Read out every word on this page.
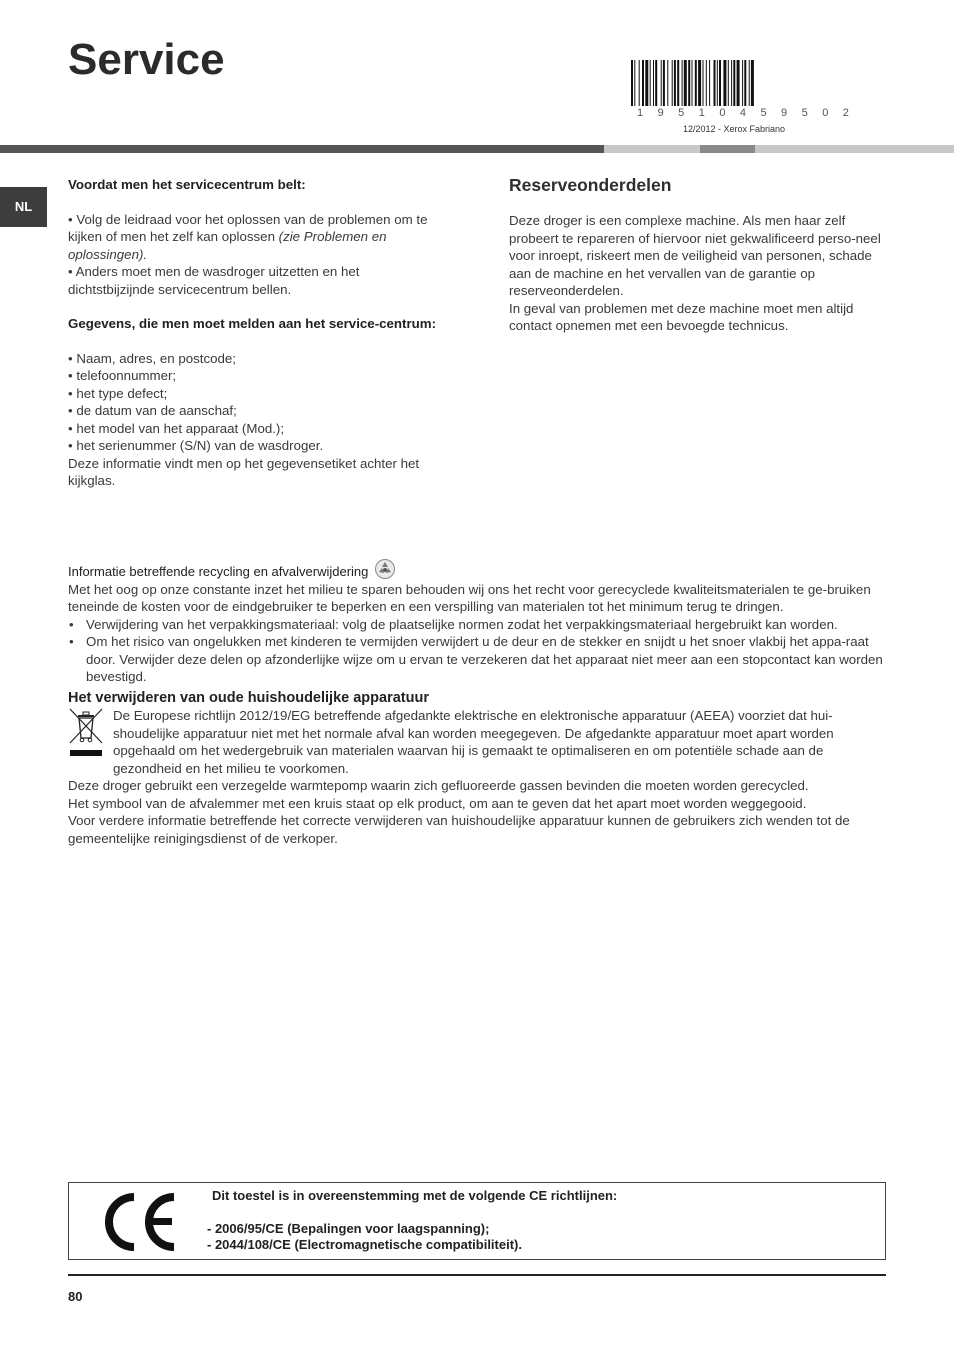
Service
1 9 5 1 0 4 5 9 5 0 2
12/2012 - Xerox Fabriano
NL

Voordat men het servicecentrum belt:

• Volg de leidraad voor het oplossen van de problemen om te kijken of men het zelf kan oplossen (zie Problemen en oplossingen).

• Anders moet men de wasdroger uitzetten en het dichtstbijzijnde servicecentrum bellen.

Gegevens, die men moet melden aan het service-centrum:

• Naam, adres, en postcode;

• telefoonnummer;

• het type defect;

• de datum van de aanschaf;

• het model van het apparaat (Mod.);

• het serienummer (S/N) van de wasdroger.

Deze informatie vindt men op het gegevensetiket achter het kijkglas.

Reserveonderdelen

Deze droger is een complexe machine. Als men haar zelf probeert te repareren of hiervoor niet gekwalificeerd perso-neel voor inroept, riskeert men de veiligheid van personen, schade aan de machine en het vervallen van de garantie op reserveonderdelen.

In geval van problemen met deze machine moet men altijd contact opnemen met een bevoegde technicus.

Informatie betreffende recycling en afvalverwijdering

Met het oog op onze constante inzet het milieu te sparen behouden wij ons het recht voor gerecyclede kwaliteitsmaterialen te ge-bruiken teneinde de kosten voor de eindgebruiker te beperken en een verspilling van materialen tot het minimum terug te dringen.

• Verwijdering van het verpakkingsmateriaal: volg de plaatselijke normen zodat het verpakkingsmateriaal hergebruikt kan worden.

• Om het risico van ongelukken met kinderen te vermijden verwijdert u de deur en de stekker en snijdt u het snoer vlakbij het appa-raat door. Verwijder deze delen op afzonderlijke wijze om u ervan te verzekeren dat het apparaat niet meer aan een stopcontact kan worden bevestigd.

Het verwijderen van oude huishoudelijke apparatuur

De Europese richtlijn 2012/19/EG betreffende afgedankte elektrische en elektronische apparatuur (AEEA) voorziet dat hui-shoudelijke apparatuur niet met het normale afval kan worden meegegeven. De afgedankte apparatuur moet apart worden opgehaald om het wedergebruik van materialen waarvan hij is gemaakt te optimaliseren en om potentiële schade aan de gezondheid en het milieu te voorkomen.

Deze droger gebruikt een verzegelde warmtepomp waarin zich gefluoreerde gassen bevinden die moeten worden gerecycled.

Het symbool van de afvalemmer met een kruis staat op elk product, om aan te geven dat het apart moet worden weggegooid.

Voor verdere informatie betreffende het correcte verwijderen van huishoudelijke apparatuur kunnen de gebruikers zich wenden tot de gemeentelijke reinigingsdienst of de verkoper.

Dit toestel is in overeenstemming met de volgende CE richtlijnen:

- 2006/95/CE (Bepalingen voor laagspanning);

- 2044/108/CE (Electromagnetische compatibiliteit).

80
